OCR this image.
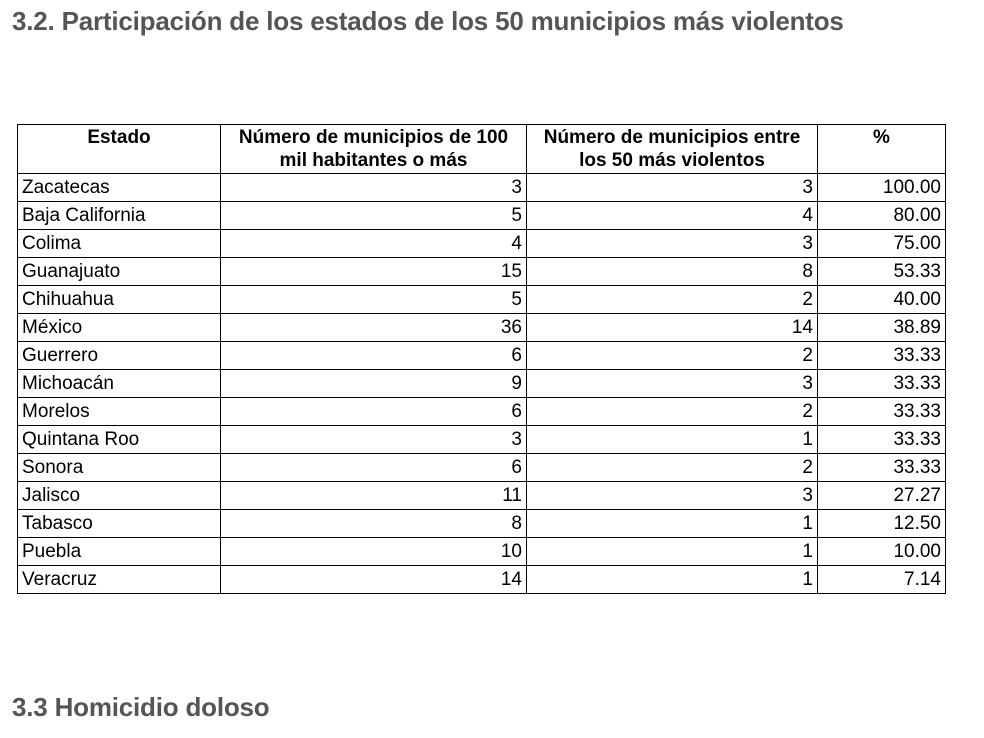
3.2. Participación de los estados de los 50 municipios más violentos
Estado	Número de municipios de 100 mil habitantes o más	Número de municipios entre los 50 más violentos	%
Zacatecas	3	3	100.00
Baja California	5	4	80.00
Colima	4	3	75.00
Guanajuato	15	8	53.33
Chihuahua	5	2	40.00
México	36	14	38.89
Guerrero	6	2	33.33
Michoacán	9	3	33.33
Morelos	6	2	33.33
Quintana Roo	3	1	33.33
Sonora	6	2	33.33
Jalisco	11	3	27.27
Tabasco	8	1	12.50
Puebla	10	1	10.00
Veracruz	14	1	7.14
3.3 Homicidio doloso
